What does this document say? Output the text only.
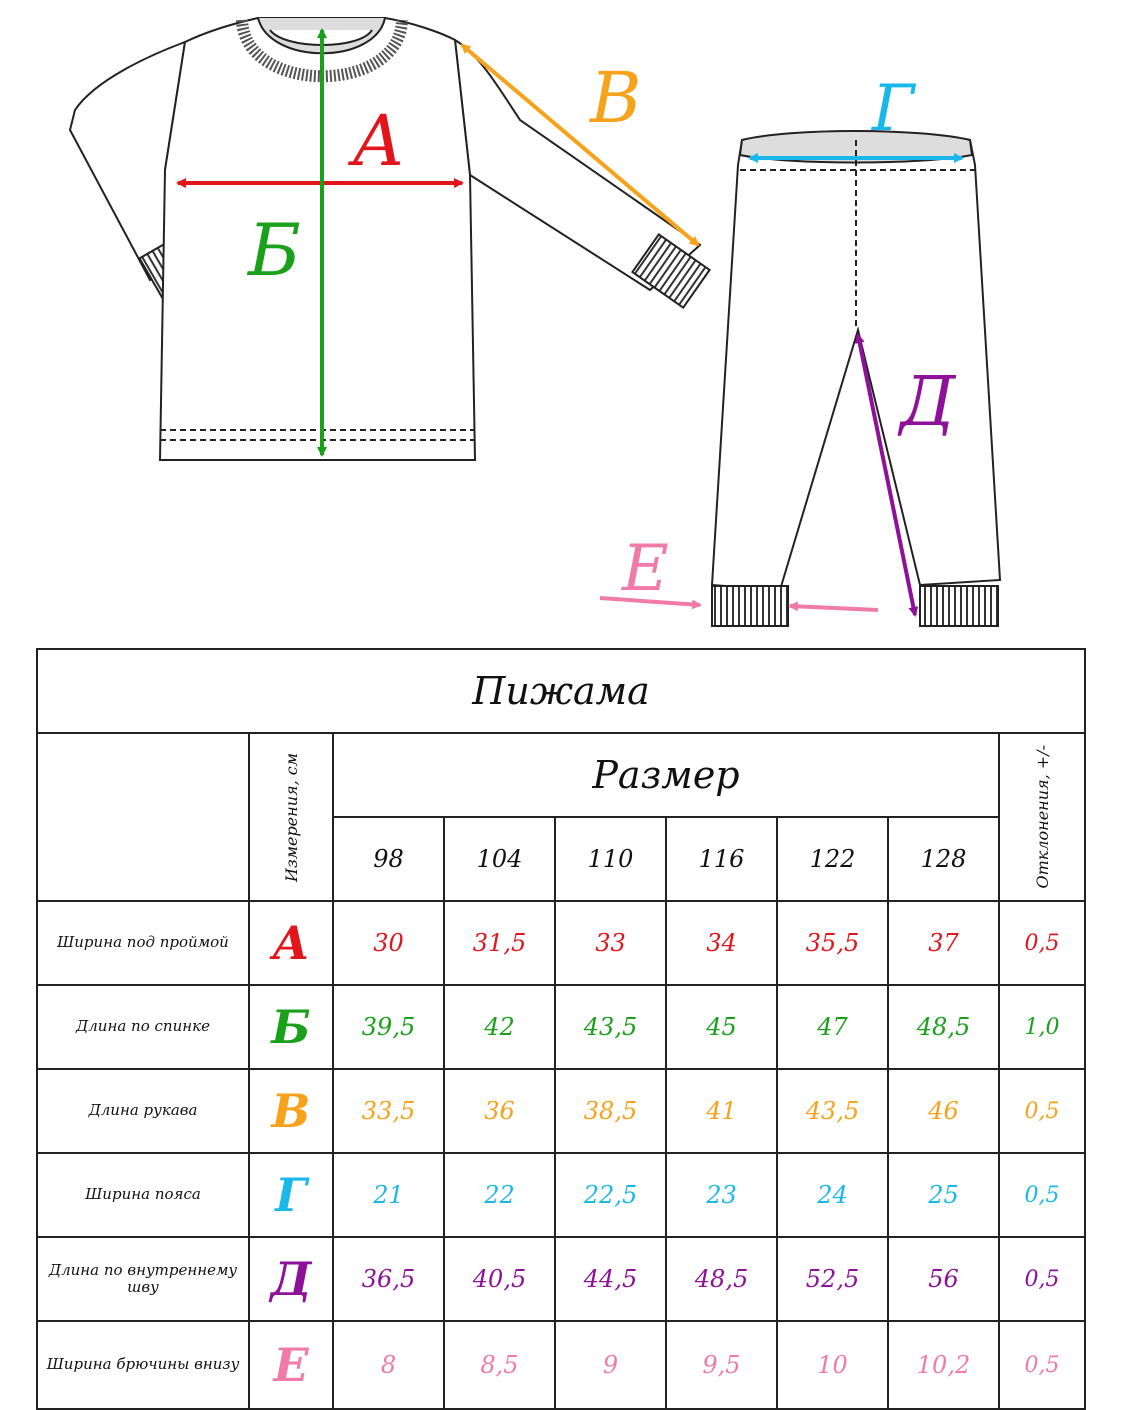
А
Б
В	Г
Д
Е
Пижама								

	Измерения, см	Размер						Отклонения, +/-

		98	104	110	116	122	128	
Ширина под проймой	А	30	31,5	33	34	35,5	37	0,5
Длина по спинке	Б	39,5	42	43,5	45	47	48,5	1,0
Длина рукава	В	33,5	36	38,5	41	43,5	46	0,5
Ширина пояса	Г	21	22	22,5	23	24	25	0,5
Длина по внутреннему шву	Д	36,5	40,5	44,5	48,5	52,5	56	0,5
Ширина брючины внизу	Е	8	8,5	9	9,5	10	10,2	0,5
